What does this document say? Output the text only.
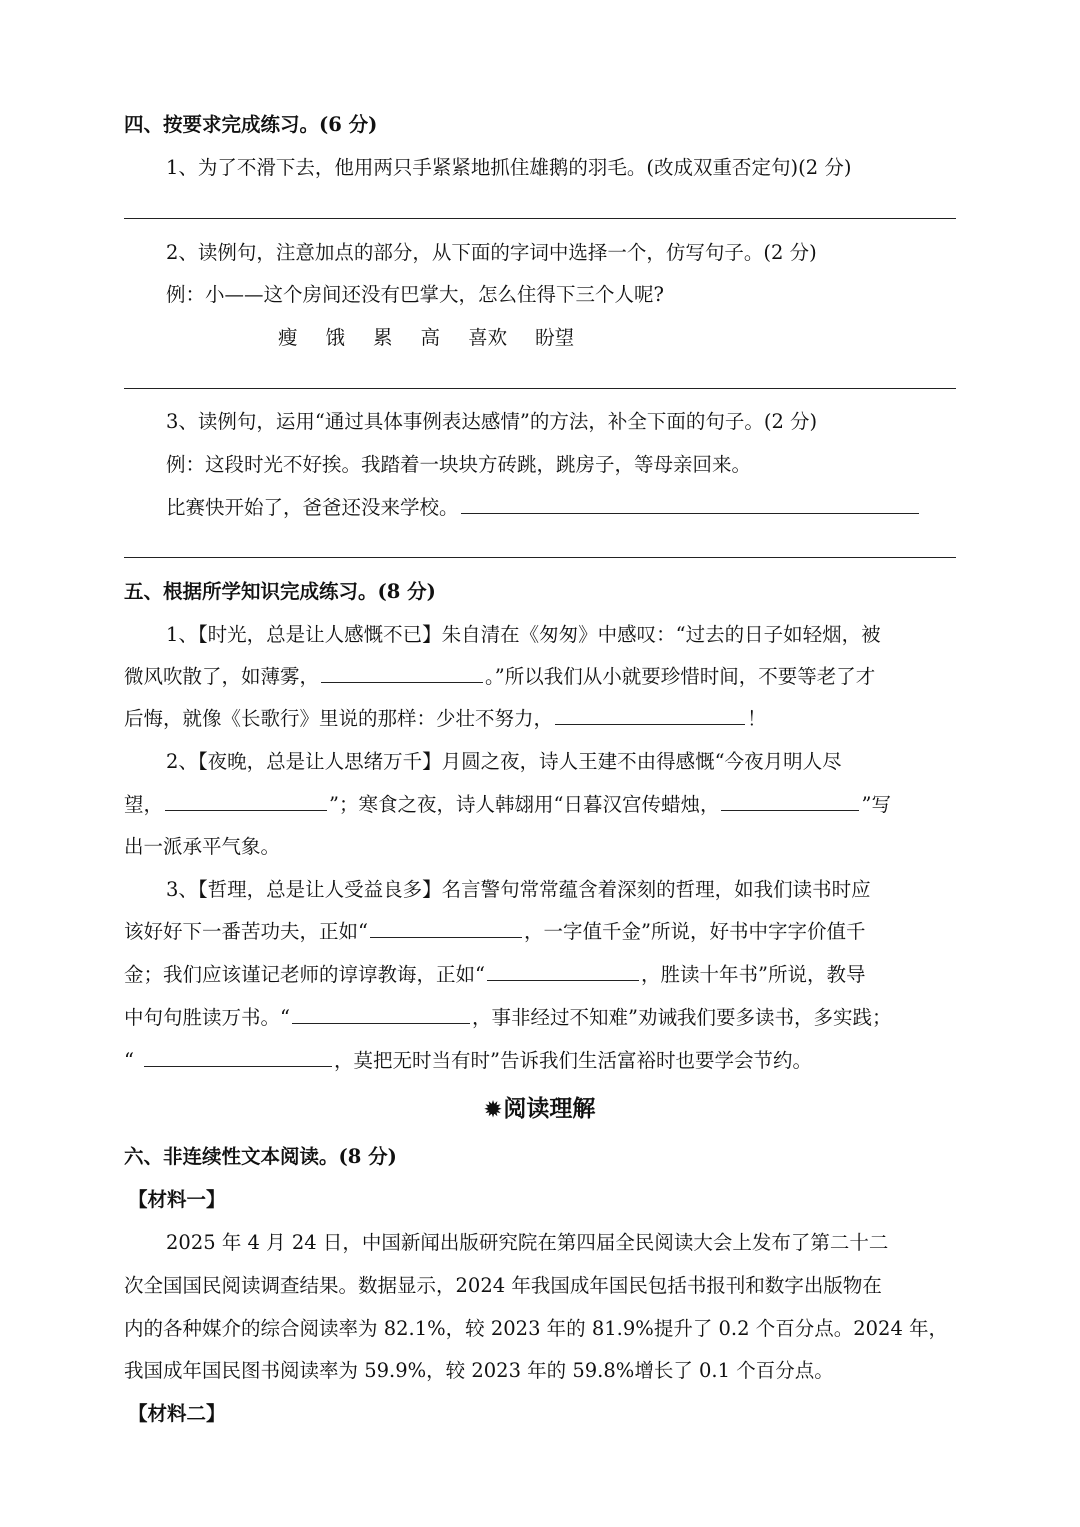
四、按要求完成练习。(6 分)
1、为了不滑下去，他用两只手紧紧地抓住雄鹅的羽毛。(改成双重否定句)(2 分)
2、读例句，注意加点的部分，从下面的字词中选择一个，仿写句子。(2 分)
例：小——这个房间还没有巴掌大，怎么住得下三个人呢?
瘦 饿 累 高 喜欢 盼望
3、读例句，运用“通过具体事例表达感情”的方法，补全下面的句子。(2 分)
例：这段时光不好挨。我踏着一块块方砖跳，跳房子，等母亲回来。
比赛快开始了，爸爸还没来学校。
五、根据所学知识完成练习。(8 分)
1、【时光，总是让人感慨不已】朱自清在《匆匆》中感叹：“过去的日子如轻烟，被
微风吹散了，如薄雾，	。”所以我们从小就要珍惜时间，不要等老了才
后悔，就像《长歌行》里说的那样：少壮不努力，	！
2、【夜晚，总是让人思绪万千】月圆之夜，诗人王建不由得感慨“今夜月明人尽
望，	”；寒食之夜，诗人韩翃用“日暮汉宫传蜡烛，	”写
出一派承平气象。
3、【哲理，总是让人受益良多】名言警句常常蕴含着深刻的哲理，如我们读书时应
该好好下一番苦功夫，正如“	，一字值千金”所说，好书中字字价值千
金；我们应该谨记老师的谆谆教诲，正如“	，胜读十年书”所说，教导
中句句胜读万书。“	，事非经过不知难”劝诫我们要多读书，多实践；
“	，莫把无时当有时”告诉我们生活富裕时也要学会节约。
✹阅读理解
六、非连续性文本阅读。(8 分)
【材料一】
2025 年 4 月 24 日，中国新闻出版研究院在第四届全民阅读大会上发布了第二十二
次全国国民阅读调查结果。数据显示，2024 年我国成年国民包括书报刊和数字出版物在
内的各种媒介的综合阅读率为 82.1%，较 2023 年的 81.9%提升了 0.2 个百分点。2024 年，
我国成年国民图书阅读率为 59.9%，较 2023 年的 59.8%增长了 0.1 个百分点。
【材料二】
